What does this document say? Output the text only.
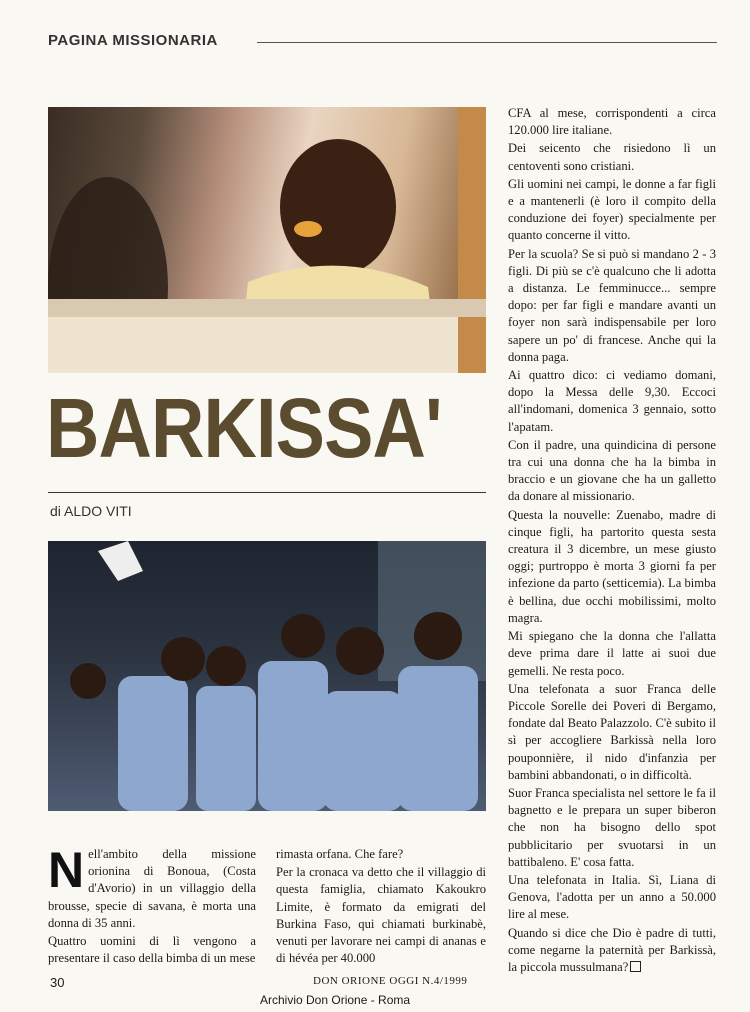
PAGINA MISSIONARIA
BARKISSA'
di ALDO VITI
N ell'ambito della missione orionina di Bonoua, (Costa d'Avorio) in un villaggio della brousse, specie di savana, è morta una donna di 35 anni.

Quattro uomini di lì vengono a presentare il caso della bimba di un mese

rimasta orfana. Che fare?

Per la cronaca va detto che il villaggio di questa famiglia, chiamato Kakoukro Limite, è formato da emigrati del Burkina Faso, qui chiamati burkinabè, venuti per lavorare nei campi di ananas e di hévéa per 40.000

CFA al mese, corrispondenti a circa 120.000 lire italiane.

Dei seicento che risiedono lì un centoventi sono cristiani.

Gli uomini nei campi, le donne a far figli e a mantenerli (è loro il compito della conduzione dei foyer) specialmente per quanto concerne il vitto.

Per la scuola? Se si può si mandano 2 - 3 figli. Di più se c'è qualcuno che li adotta a distanza. Le femminucce... sempre dopo: per far figli e mandare avanti un foyer non sarà indispensabile per loro sapere un po' di francese. Anche qui la donna paga.

Ai quattro dico: ci vediamo domani, dopo la Messa delle 9,30. Eccoci all'indomani, domenica 3 gennaio, sotto l'apatam.

Con il padre, una quindicina di persone tra cui una donna che ha la bimba in braccio e un giovane che ha un galletto da donare al missionario.

Questa la nouvelle: Zuenabo, madre di cinque figli, ha partorito questa sesta creatura il 3 dicembre, un mese giusto oggi; purtroppo è morta 3 giorni fa per infezione da parto (setticemia). La bimba è bellina, due occhi mobilissimi, molto magra.

Mi spiegano che la donna che l'allatta deve prima dare il latte ai suoi due gemelli. Ne resta poco.

Una telefonata a suor Franca delle Piccole Sorelle dei Poveri di Bergamo, fondate dal Beato Palazzolo. C'è subito il sì per accogliere Barkissà nella loro pouponnière, il nido d'infanzia per bambini abbandonati, o in difficoltà.

Suor Franca specialista nel settore le fa il bagnetto e le prepara un super biberon che non ha bisogno dello spot pubblicitario per svuotarsi in un battibaleno. E' cosa fatta.

Una telefonata in Italia. Sì, Liana di Genova, l'adotta per un anno a 50.000 lire al mese.

Quando si dice che Dio è padre di tutti, come negarne la paternità per Barkissà, la piccola mussulmana?

30	DON ORIONE OGGI N.4/1999
Archivio Don Orione - Roma
